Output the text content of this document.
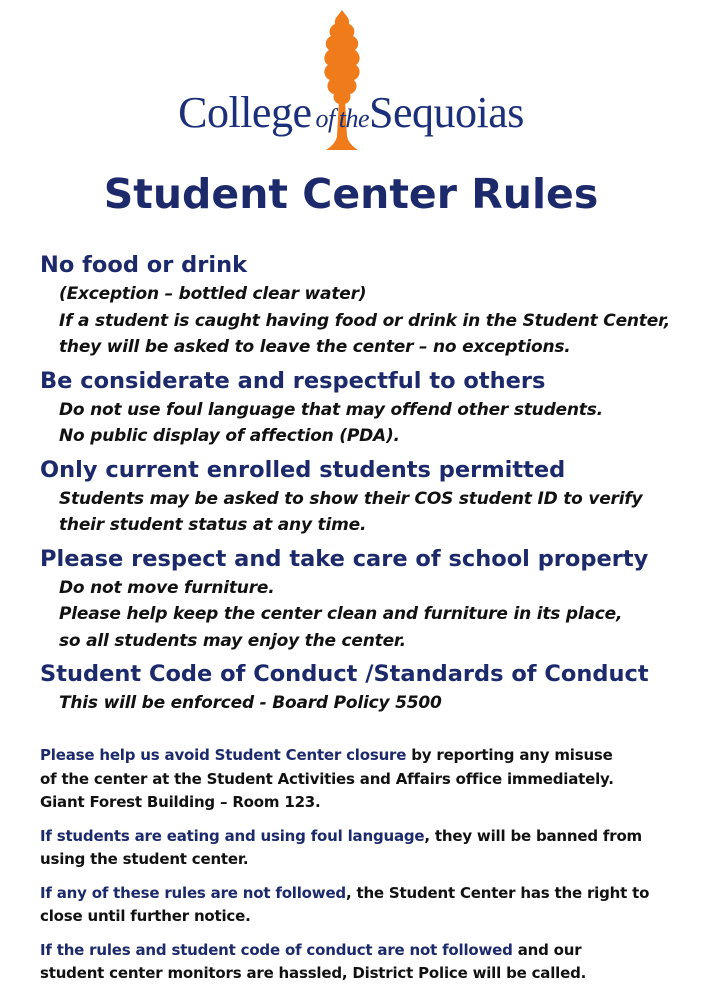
College of theSequoias
Student Center Rules
No food or drink
(Exception – bottled clear water)
If a student is caught having food or drink in the Student Center,
they will be asked to leave the center – no exceptions.
Be considerate and respectful to others
Do not use foul language that may offend other students.
No public display of affection (PDA).
Only current enrolled students permitted
Students may be asked to show their COS student ID to verify
their student status at any time.
Please respect and take care of school property
Do not move furniture.
Please help keep the center clean and furniture in its place,
so all students may enjoy the center.
Student Code of Conduct /Standards of Conduct
This will be enforced - Board Policy 5500
Please help us avoid Student Center closure by reporting any misuse
of the center at the Student Activities and Affairs office immediately.
Giant Forest Building – Room 123.
If students are eating and using foul language, they will be banned from
using the student center.
If any of these rules are not followed, the Student Center has the right to
close until further notice.
If the rules and student code of conduct are not followed and our
student center monitors are hassled, District Police will be called.
